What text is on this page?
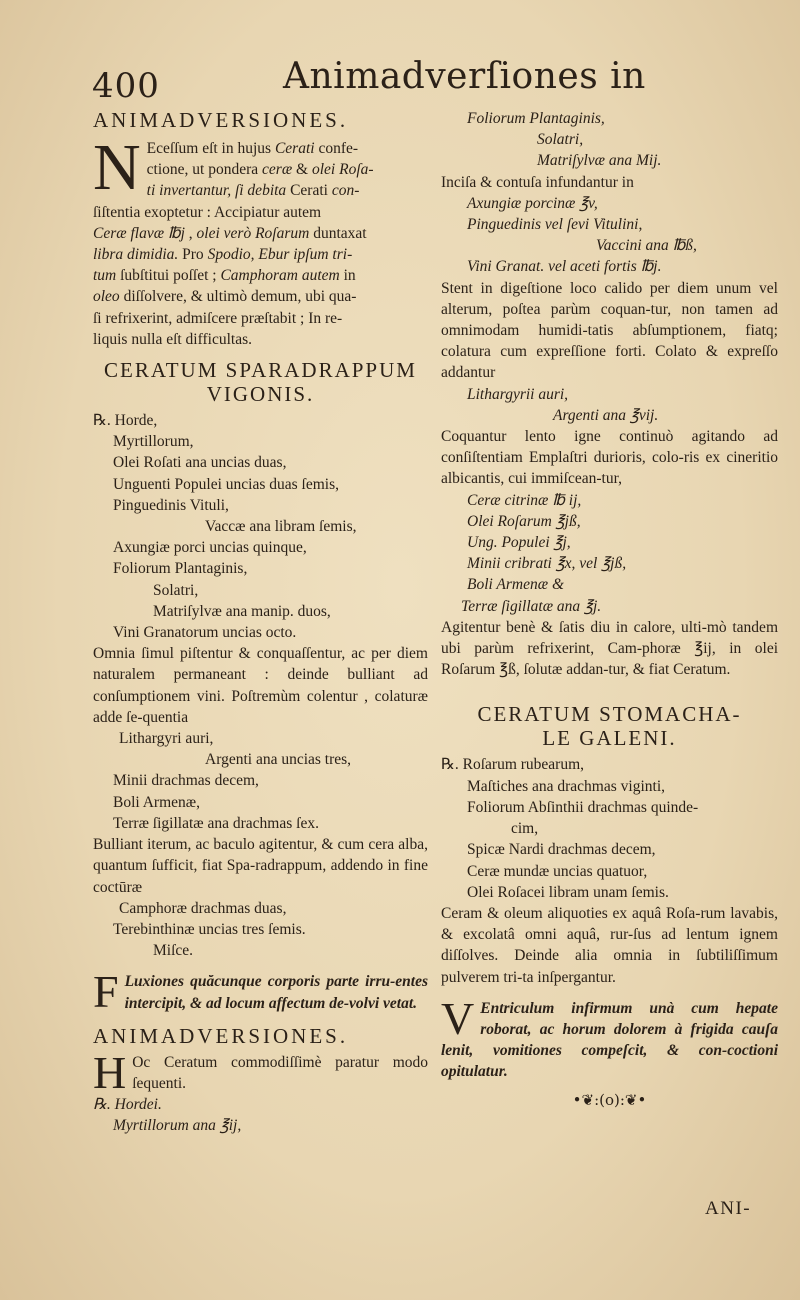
400	Animadverſiones in
ANIMADVERSIONES.
N Eceſſum eſt in hujus Cerati confe-
ctione, ut pondera ceræ & olei Roſa-
ti invertantur, ſi debita Cerati con-
ſiſtentia exoptetur : Accipiatur autem
Ceræ flavæ ℔j , olei verò Roſarum duntaxat
libra dimidia. Pro Spodio, Ebur ipſum tri-
tum ſubſtitui poſſet ; Camphoram autem in
oleo diſſolvere, & ultimò demum, ubi qua-
ſi refrixerint, admiſcere præſtabit ; In re-
liquis nulla eſt difficultas.
CERATUM SPARADRAPPUM
VIGONIS.
℞. Horde,
Myrtillorum,
Olei Roſati ana uncias duas,
Unguenti Populei uncias duas ſemis,
Pinguedinis Vituli,
Vaccæ ana libram ſemis,
Axungiæ porci uncias quinque,
Foliorum Plantaginis,
Solatri,
Matriſylvæ ana manip. duos,
Vini Granatorum uncias octo.

Omnia ſimul piſtentur & conquaſſentur, ac per diem naturalem permaneant : deinde bulliant ad conſumptionem vini. Poſtremùm colentur , colaturæ adde ſe-quentia

Lithargyri auri,
Argenti ana uncias tres,
Minii drachmas decem,
Boli Armenæ,
Terræ ſigillatæ ana drachmas ſex.

Bulliant iterum, ac baculo agitentur, & cum cera alba, quantum ſufficit, fiat Spa-radrappum, addendo in fine coctūræ

Camphoræ drachmas duas,
Terebinthinæ uncias tres ſemis.
Miſce.
F Luxiones quăcunque corporis parte irru-entes intercipit, & ad locum affectum de-volvi vetat.

ANIMADVERSIONES.
H Oc Ceratum commodiſſimè paratur modo ſequenti.

℞. Hordei.
Myrtillorum ana ℥ij,
Foliorum Plantaginis,
Solatri,
Matriſylvæ ana Mij.

Inciſa & contuſa infundantur in

Axungiæ porcinæ ℥v,
Pinguedinis vel ſevi Vitulini,
Vaccini ana ℔ß,
Vini Granat. vel aceti fortis ℔j.

Stent in digeſtione loco calido per diem unum vel alterum, poſtea parùm coquan-tur, non tamen ad omnimodam humidi-tatis abſumptionem, fiatq; colatura cum expreſſione forti. Colato & expreſſo addantur

Lithargyrii auri,
Argenti ana ℥vij.

Coquantur lento igne continuò agitando ad conſiſtentiam Emplaſtri durioris, colo-ris ex cineritio albicantis, cui immiſcean-tur,

Ceræ citrinæ ℔ ij,
Olei Roſarum ℥jß,
Ung. Populei ℥j,
Minii cribrati ℥x, vel ℥jß,
Boli Armenæ &
Terræ ſigillatæ ana ℥j.

Agitentur benè & ſatis diu in calore, ulti-mò tandem ubi parùm refrixerint, Cam-phoræ ℥ij, in olei Roſarum ℥ß, ſolutæ addan-tur, & fiat Ceratum.

CERATUM STOMACHA-
LE GALENI.
℞. Roſarum rubearum,
Maſtiches ana drachmas viginti,
Foliorum Abſinthii drachmas quinde-
cim,
Spicæ Nardi drachmas decem,
Ceræ mundæ uncias quatuor,
Olei Roſacei libram unam ſemis.

Ceram & oleum aliquoties ex aquâ Roſa-rum lavabis, & excolatâ omni aquâ, rur-ſus ad lentum ignem diſſolves. Deinde alia omnia in ſubtiliſſimum pulverem tri-ta inſpergantur.

V Entriculum infirmum unà cum hepate roborat, ac horum dolorem à frigida cauſa lenit, vomitiones compeſcit, & con-coctioni opitulatur.

•❦:(o):❦•
ANI-
